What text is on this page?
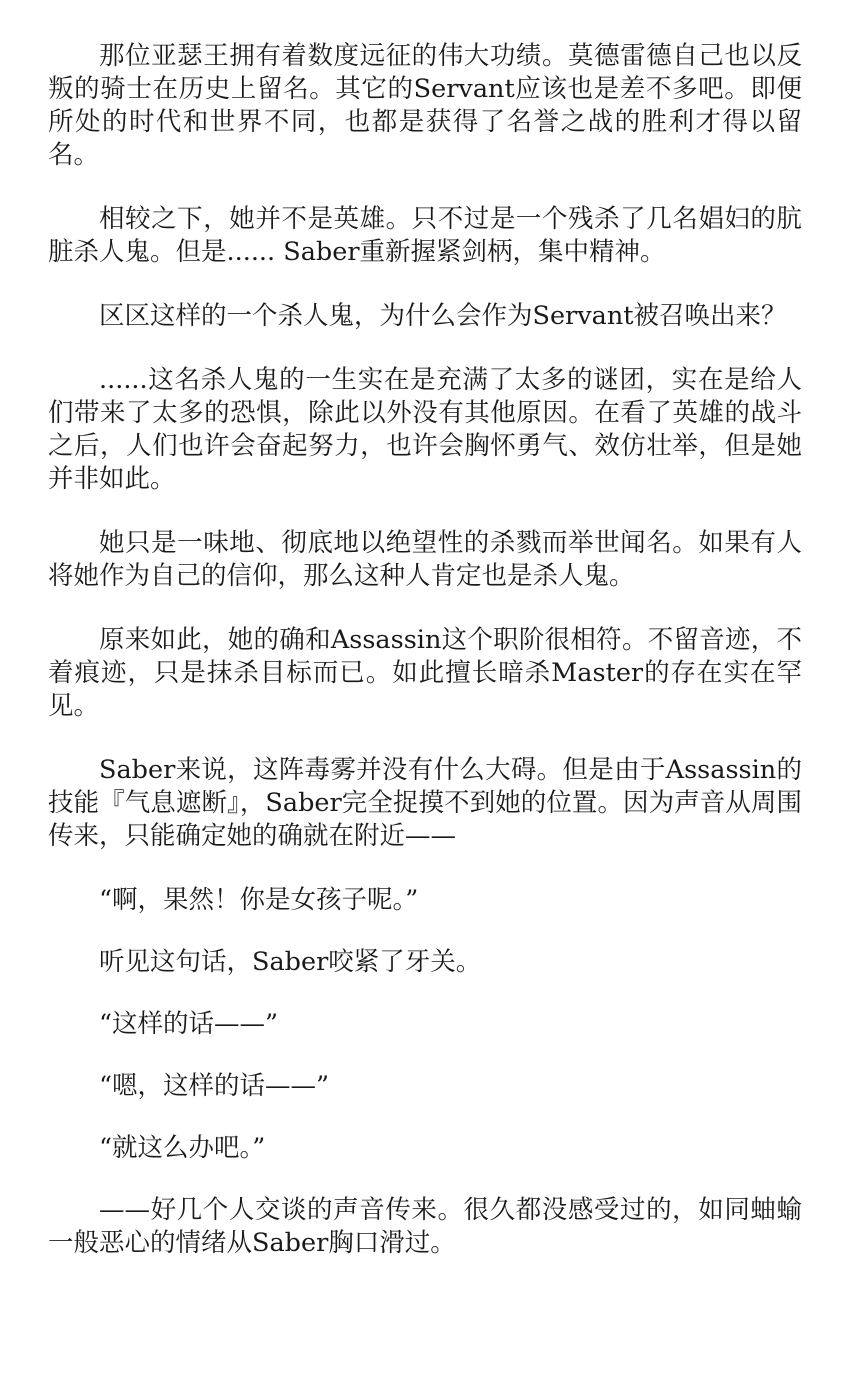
那位亚瑟王拥有着数度远征的伟大功绩。莫德雷德自己也以反叛的骑士在历史上留名。其它的Servant应该也是差不多吧。即便所处的时代和世界不同，也都是获得了名誉之战的胜利才得以留名。

相较之下，她并不是英雄。只不过是一个残杀了几名娼妇的肮脏杀人鬼。但是...... Saber重新握紧剑柄，集中精神。

区区这样的一个杀人鬼，为什么会作为Servant被召唤出来？

......这名杀人鬼的一生实在是充满了太多的谜团，实在是给人们带来了太多的恐惧，除此以外没有其他原因。在看了英雄的战斗之后，人们也许会奋起努力，也许会胸怀勇气、效仿壮举，但是她并非如此。

她只是一味地、彻底地以绝望性的杀戮而举世闻名。如果有人将她作为自己的信仰，那么这种人肯定也是杀人鬼。

原来如此，她的确和Assassin这个职阶很相符。不留音迹，不着痕迹，只是抹杀目标而已。如此擅长暗杀Master的存在实在罕见。

Saber来说，这阵毒雾并没有什么大碍。但是由于Assassin的技能『气息遮断』，Saber完全捉摸不到她的位置。因为声音从周围传来，只能确定她的确就在附近——

“啊，果然！你是女孩子呢。”

听见这句话，Saber咬紧了牙关。

“这样的话——”

“嗯，这样的话——”

“就这么办吧。”

——好几个人交谈的声音传来。很久都没感受过的，如同蚰蝓一般恶心的情绪从Saber胸口滑过。
